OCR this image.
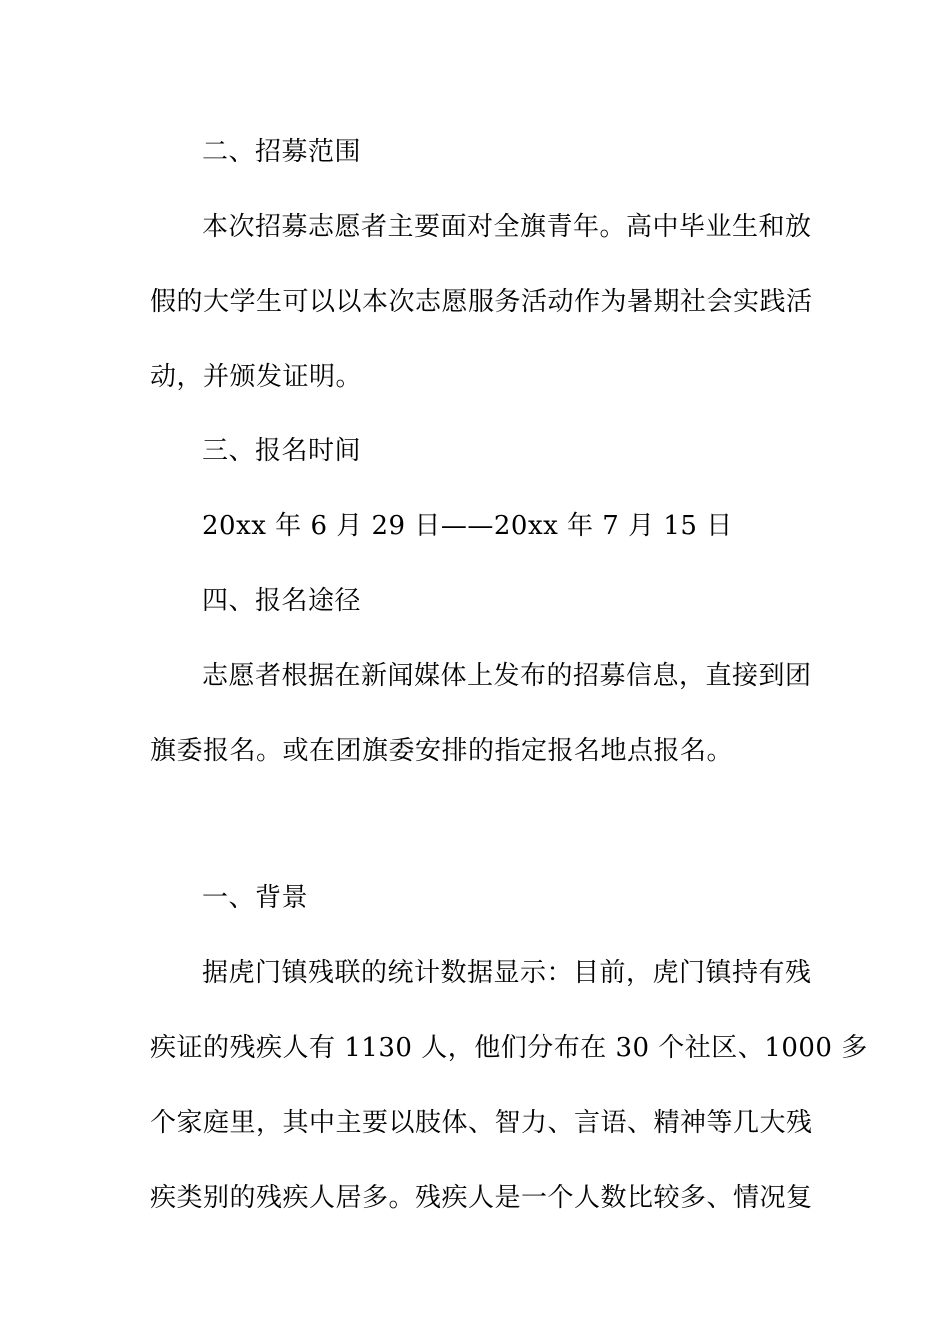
二、招募范围
本次招募志愿者主要面对全旗青年。高中毕业生和放
假的大学生可以以本次志愿服务活动作为暑期社会实践活
动，并颁发证明。
三、报名时间
20xx 年 6 月 29 日——20xx 年 7 月 15 日
四、报名途径
志愿者根据在新闻媒体上发布的招募信息，直接到团
旗委报名。或在团旗委安排的指定报名地点报名。
一、背景
据虎门镇残联的统计数据显示：目前，虎门镇持有残
疾证的残疾人有 1130 人，他们分布在 30 个社区、1000 多
个家庭里，其中主要以肢体、智力、言语、精神等几大残
疾类别的残疾人居多。残疾人是一个人数比较多、情况复
